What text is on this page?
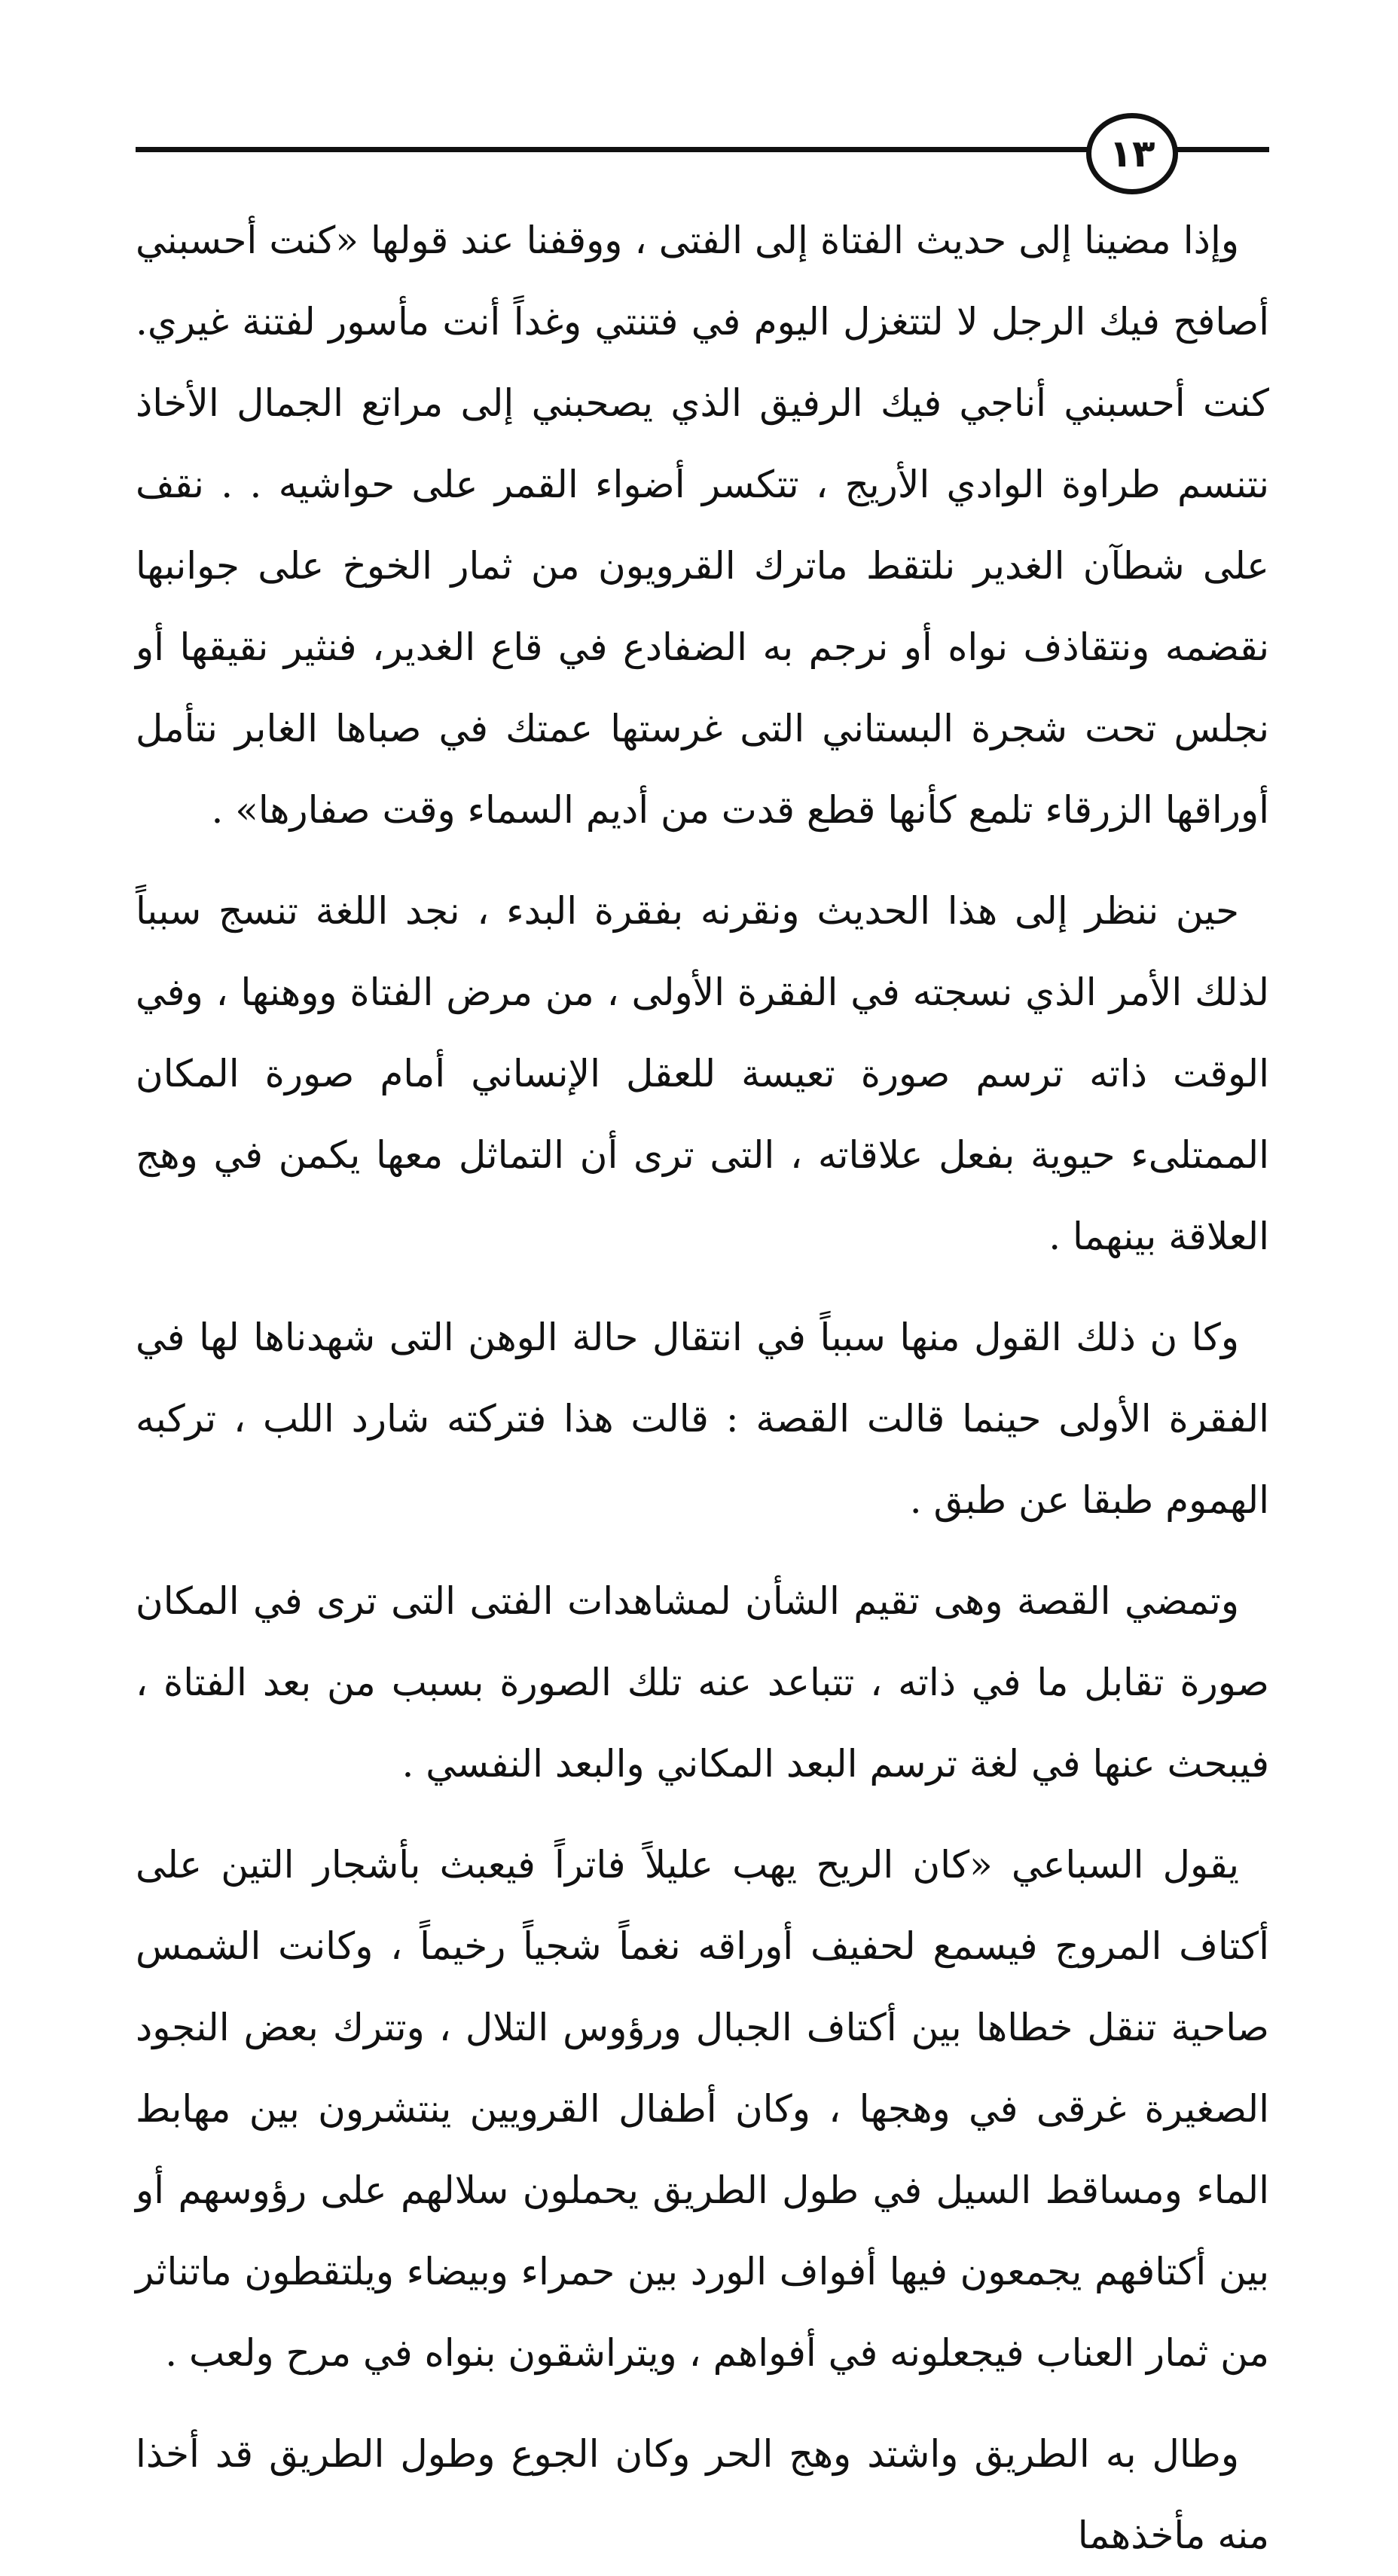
١٣

وإذا مضينا إلى حديث الفتاة إلى الفتى ، ووقفنا عند قولها «كنت أحسبني أصافح فيك الرجل لا لتتغزل اليوم في فتنتي وغداً أنت مأسور لفتنة غيري. كنت أحسبني أناجي فيك الرفيق الذي يصحبني إلى مراتع الجمال الأخاذ نتنسم طراوة الوادي الأريج ، تتكسر أضواء القمر على حواشيه . . نقف على شطآن الغدير نلتقط ماترك القرويون من ثمار الخوخ على جوانبها نقضمه ونتقاذف نواه أو نرجم به الضفادع في قاع الغدير، فنثير نقيقها أو نجلس تحت شجرة البستاني التى غرستها عمتك في صباها الغابر نتأمل أوراقها الزرقاء تلمع كأنها قطع قدت من أديم السماء وقت صفارها» .

حين ننظر إلى هذا الحديث ونقرنه بفقرة البدء ، نجد اللغة تنسج سبباً لذلك الأمر الذي نسجته في الفقرة الأولى ، من مرض الفتاة ووهنها ، وفي الوقت ذاته ترسم صورة تعيسة للعقل الإنساني أمام صورة المكان الممتلىء حيوية بفعل علاقاته ، التى ترى أن التماثل معها يكمن في وهج العلاقة بينهما .

وكا ن ذلك القول منها سبباً في انتقال حالة الوهن التى شهدناها لها في الفقرة الأولى حينما قالت القصة : قالت هذا فتركته شارد اللب ، تركبه الهموم طبقا عن طبق .

وتمضي القصة وهى تقيم الشأن لمشاهدات الفتى التى ترى في المكان صورة تقابل ما في ذاته ، تتباعد عنه تلك الصورة بسبب من بعد الفتاة ، فيبحث عنها في لغة ترسم البعد المكاني والبعد النفسي .

يقول السباعي «كان الريح يهب عليلاً فاتراً فيعبث بأشجار التين على أكتاف المروج فيسمع لحفيف أوراقه نغماً شجياً رخيماً ، وكانت الشمس صاحية تنقل خطاها بين أكتاف الجبال ورؤوس التلال ، وتترك بعض النجود الصغيرة غرقى في وهجها ، وكان أطفال القرويين ينتشرون بين مهابط الماء ومساقط السيل في طول الطريق يحملون سلالهم على رؤوسهم أو بين أكتافهم يجمعون فيها أفواف الورد بين حمراء وبيضاء ويلتقطون ماتناثر من ثمار العناب فيجعلونه في أفواهم ، ويتراشقون بنواه في مرح ولعب .

وطال به الطريق واشتد وهج الحر وكان الجوع وطول الطريق قد أخذا منه مأخذهما
